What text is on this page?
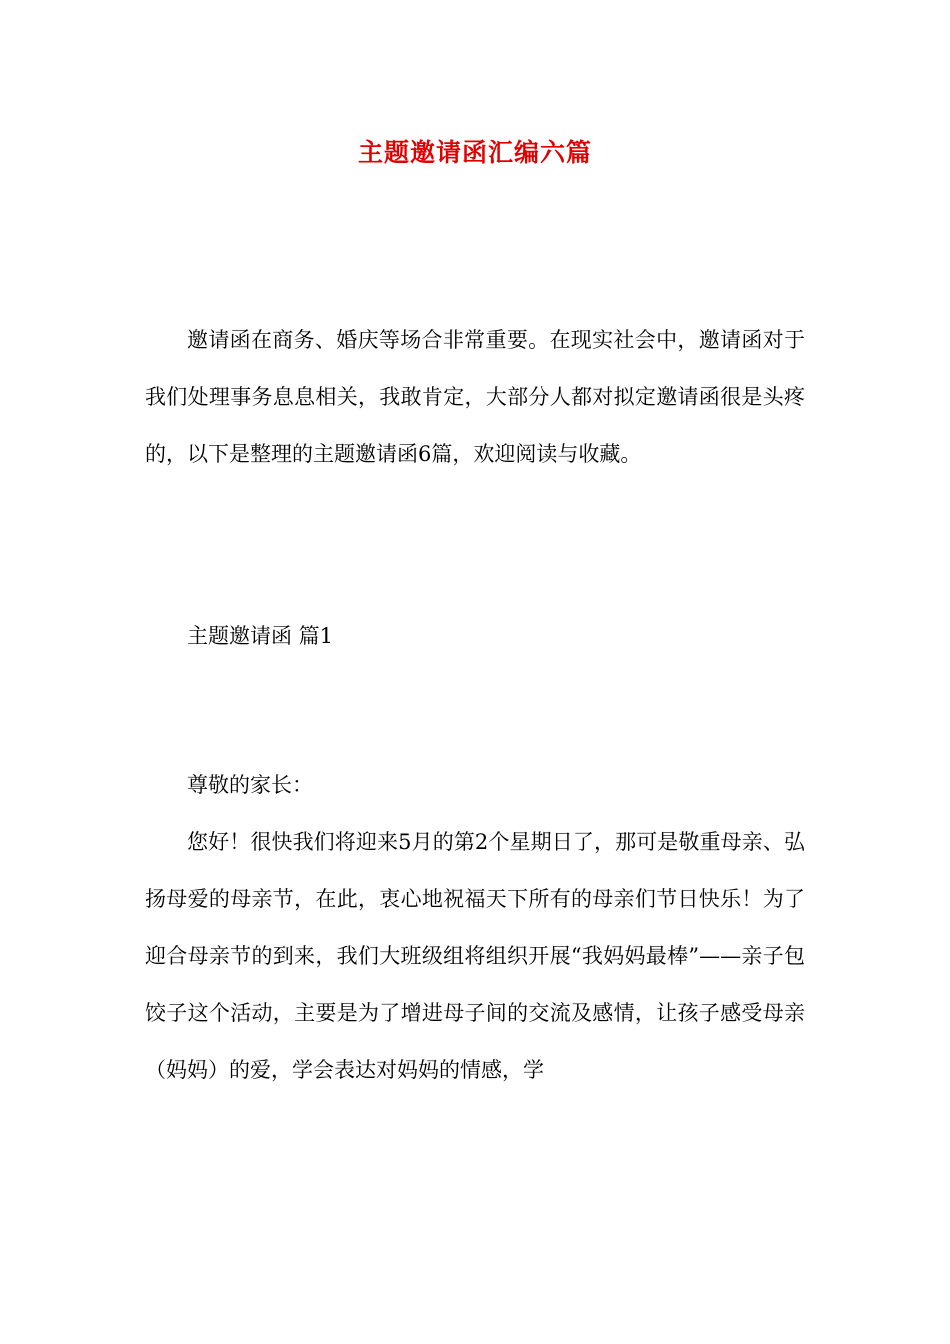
主题邀请函汇编六篇

邀请函在商务、婚庆等场合非常重要。在现实社会中，邀请函对于我们处理事务息息相关，我敢肯定，大部分人都对拟定邀请函很是头疼的，以下是整理的主题邀请函6篇，欢迎阅读与收藏。

主题邀请函 篇1

尊敬的家长：

您好！很快我们将迎来5月的第2个星期日了，那可是敬重母亲、弘扬母爱的母亲节，在此，衷心地祝福天下所有的母亲们节日快乐！为了迎合母亲节的到来，我们大班级组将组织开展“我妈妈最棒”——亲子包饺子这个活动，主要是为了增进母子间的交流及感情，让孩子感受母亲（妈妈）的爱，学会表达对妈妈的情感，学
